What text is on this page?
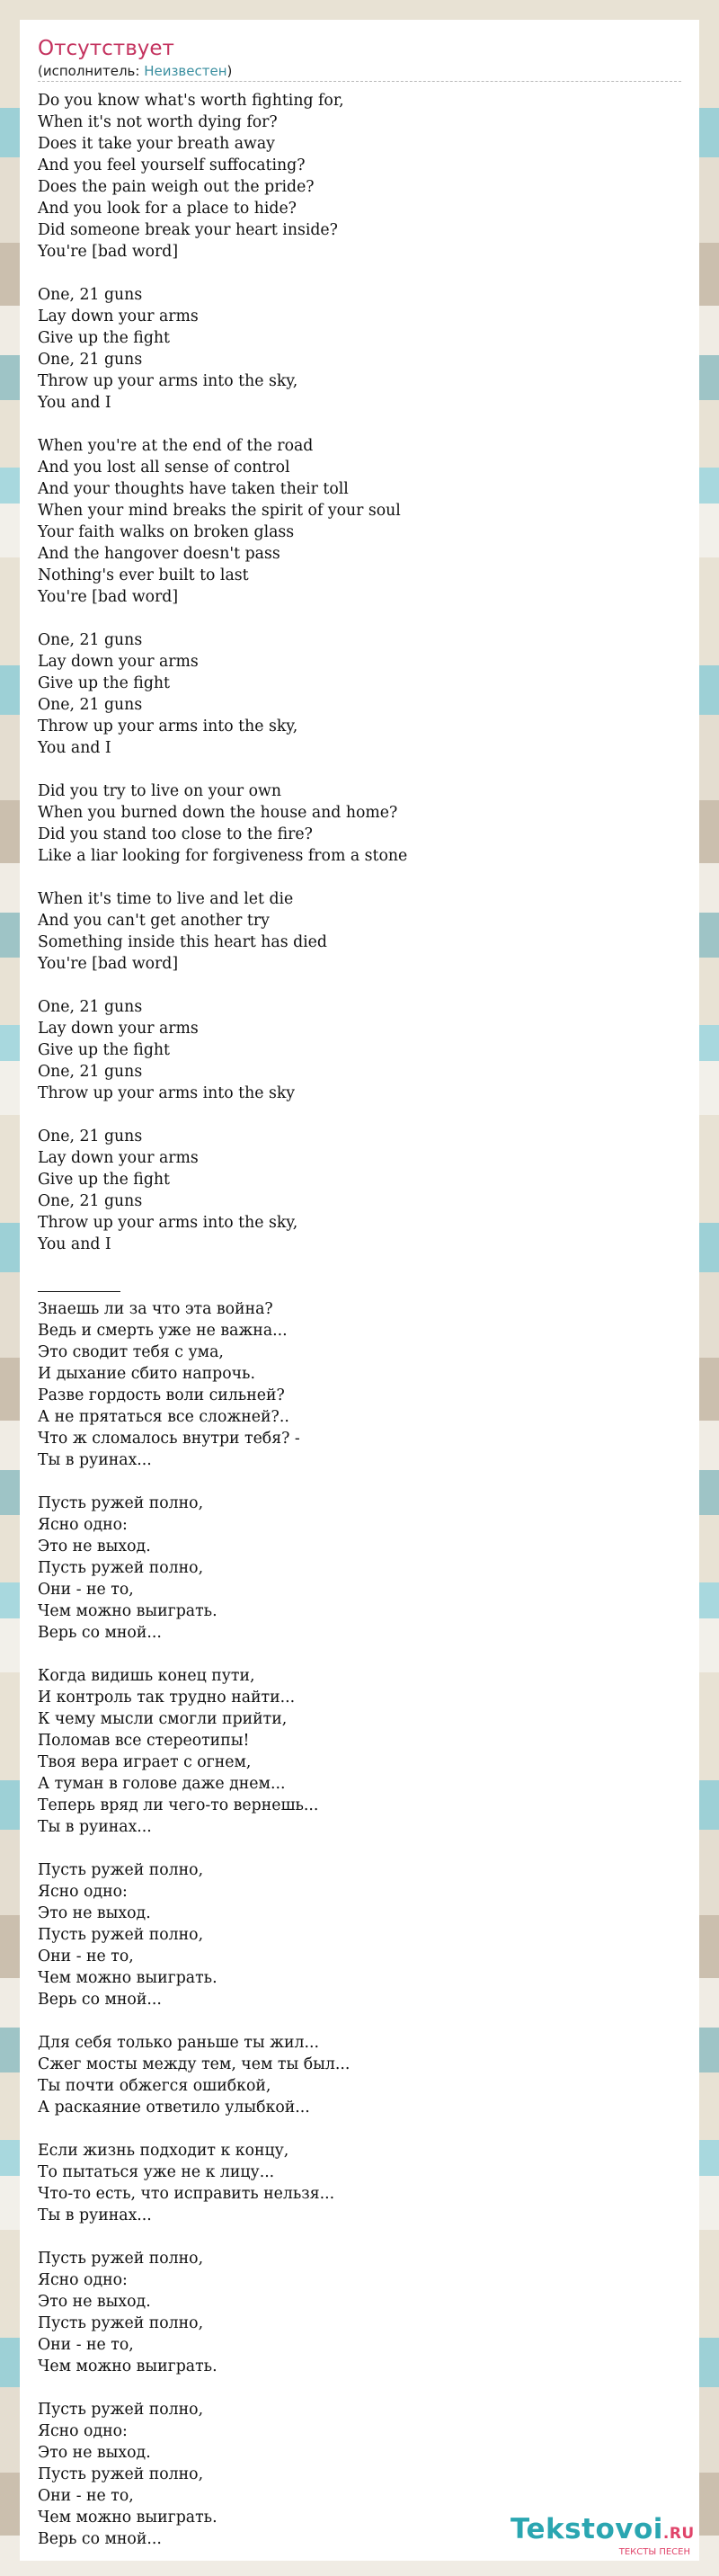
Отсутствует
(исполнитель: Неизвестен)
Do you know what's worth fighting for,
When it's not worth dying for?
Does it take your breath away
And you feel yourself suffocating?
Does the pain weigh out the pride?
And you look for a place to hide?
Did someone break your heart inside?
You're [bad word]
One, 21 guns
Lay down your arms
Give up the fight
One, 21 guns
Throw up your arms into the sky,
You and I
When you're at the end of the road
And you lost all sense of control
And your thoughts have taken their toll
When your mind breaks the spirit of your soul
Your faith walks on broken glass
And the hangover doesn't pass
Nothing's ever built to last
You're [bad word]
One, 21 guns
Lay down your arms
Give up the fight
One, 21 guns
Throw up your arms into the sky,
You and I
Did you try to live on your own
When you burned down the house and home?
Did you stand too close to the fire?
Like a liar looking for forgiveness from a stone
When it's time to live and let die
And you can't get another try
Something inside this heart has died
You're [bad word]
One, 21 guns
Lay down your arms
Give up the fight
One, 21 guns
Throw up your arms into the sky
One, 21 guns
Lay down your arms
Give up the fight
One, 21 guns
Throw up your arms into the sky,
You and I
Знаешь ли за что эта война?
Ведь и смерть уже не важна...
Это сводит тебя с ума,
И дыхание сбито напрочь.
Разве гордость воли сильней?
А не прятаться все сложней?..
Что ж сломалось внутри тебя? -
Ты в руинах...
Пусть ружей полно,
Ясно одно:
Это не выход.
Пусть ружей полно,
Они - не то,
Чем можно выиграть.
Верь со мной...
Когда видишь конец пути,
И контроль так трудно найти...
К чему мысли смогли прийти,
Поломав все стереотипы!
Твоя вера играет с огнем,
А туман в голове даже днем...
Теперь вряд ли чего-то вернешь...
Ты в руинах...
Пусть ружей полно,
Ясно одно:
Это не выход.
Пусть ружей полно,
Они - не то,
Чем можно выиграть.
Верь со мной...
Для себя только раньше ты жил...
Сжег мосты между тем, чем ты был...
Ты почти обжегся ошибкой,
А раскаяние ответило улыбкой...
Если жизнь подходит к концу,
То пытаться уже не к лицу...
Что-то есть, что исправить нельзя...
Ты в руинах...
Пусть ружей полно,
Ясно одно:
Это не выход.
Пусть ружей полно,
Они - не то,
Чем можно выиграть.
Пусть ружей полно,
Ясно одно:
Это не выход.
Пусть ружей полно,
Они - не то,
Чем можно выиграть.
Верь со мной...	Tekstovoi.RU
ТЕКСТЫ ПЕСЕН
